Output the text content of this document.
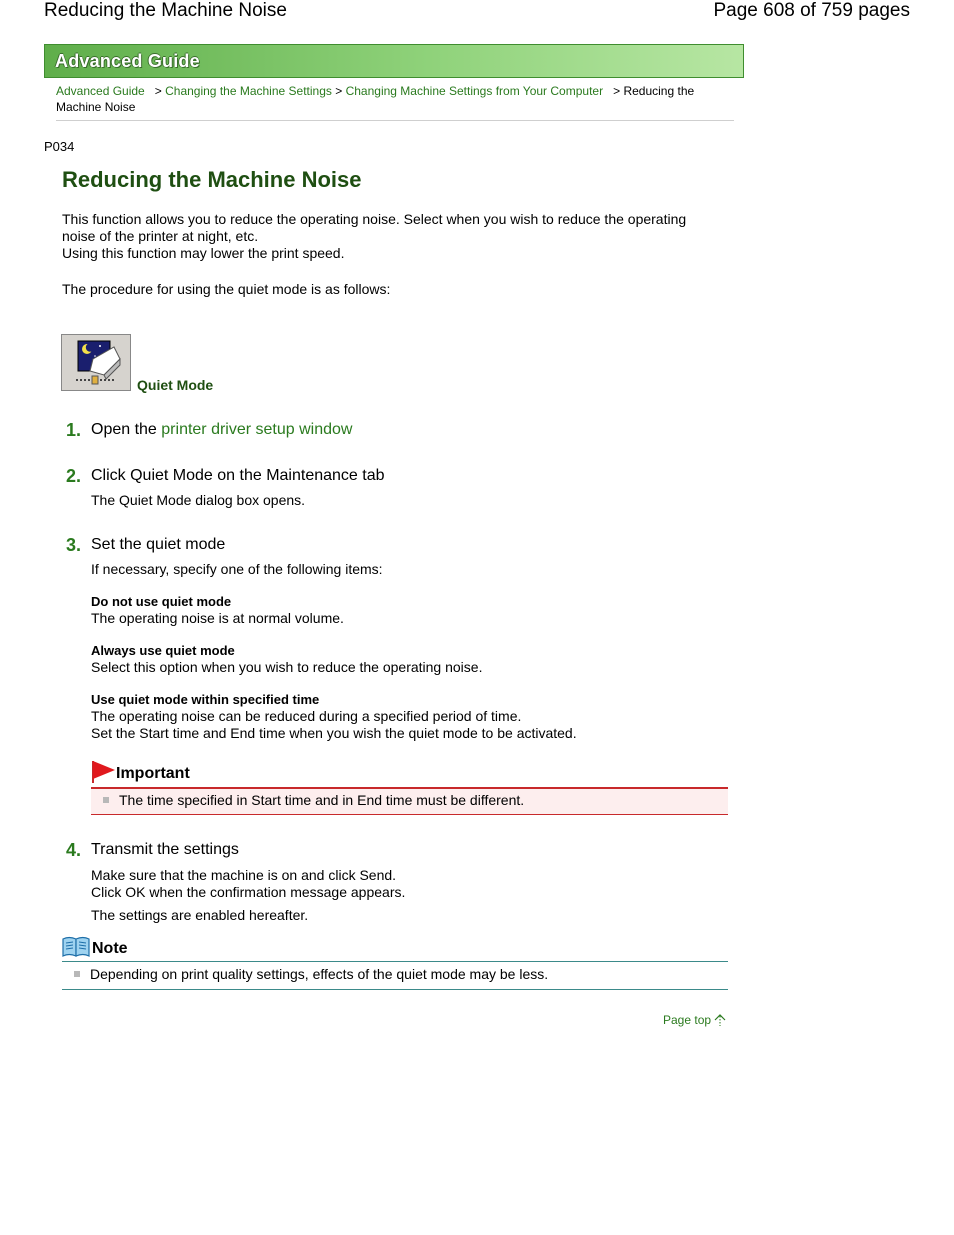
Reducing the Machine Noise	Page 608 of 759 pages
Advanced Guide
Advanced Guide > Changing the Machine Settings > Changing Machine Settings from Your Computer > Reducing the
Machine Noise
P034
Reducing the Machine Noise
This function allows you to reduce the operating noise. Select when you wish to reduce the operating
noise of the printer at night, etc.
Using this function may lower the print speed.
The procedure for using the quiet mode is as follows:
Quiet Mode
1. Open the printer driver setup window
2. Click Quiet Mode on the Maintenance tab
The Quiet Mode dialog box opens.
3. Set the quiet mode
If necessary, specify one of the following items:
Do not use quiet mode
The operating noise is at normal volume.
Always use quiet mode
Select this option when you wish to reduce the operating noise.
Use quiet mode within specified time
The operating noise can be reduced during a specified period of time.
Set the Start time and End time when you wish the quiet mode to be activated.
Important
The time specified in Start time and in End time must be different.
4. Transmit the settings
Make sure that the machine is on and click Send.
Click OK when the confirmation message appears.
The settings are enabled hereafter.
Note
Depending on print quality settings, effects of the quiet mode may be less.
Page top
